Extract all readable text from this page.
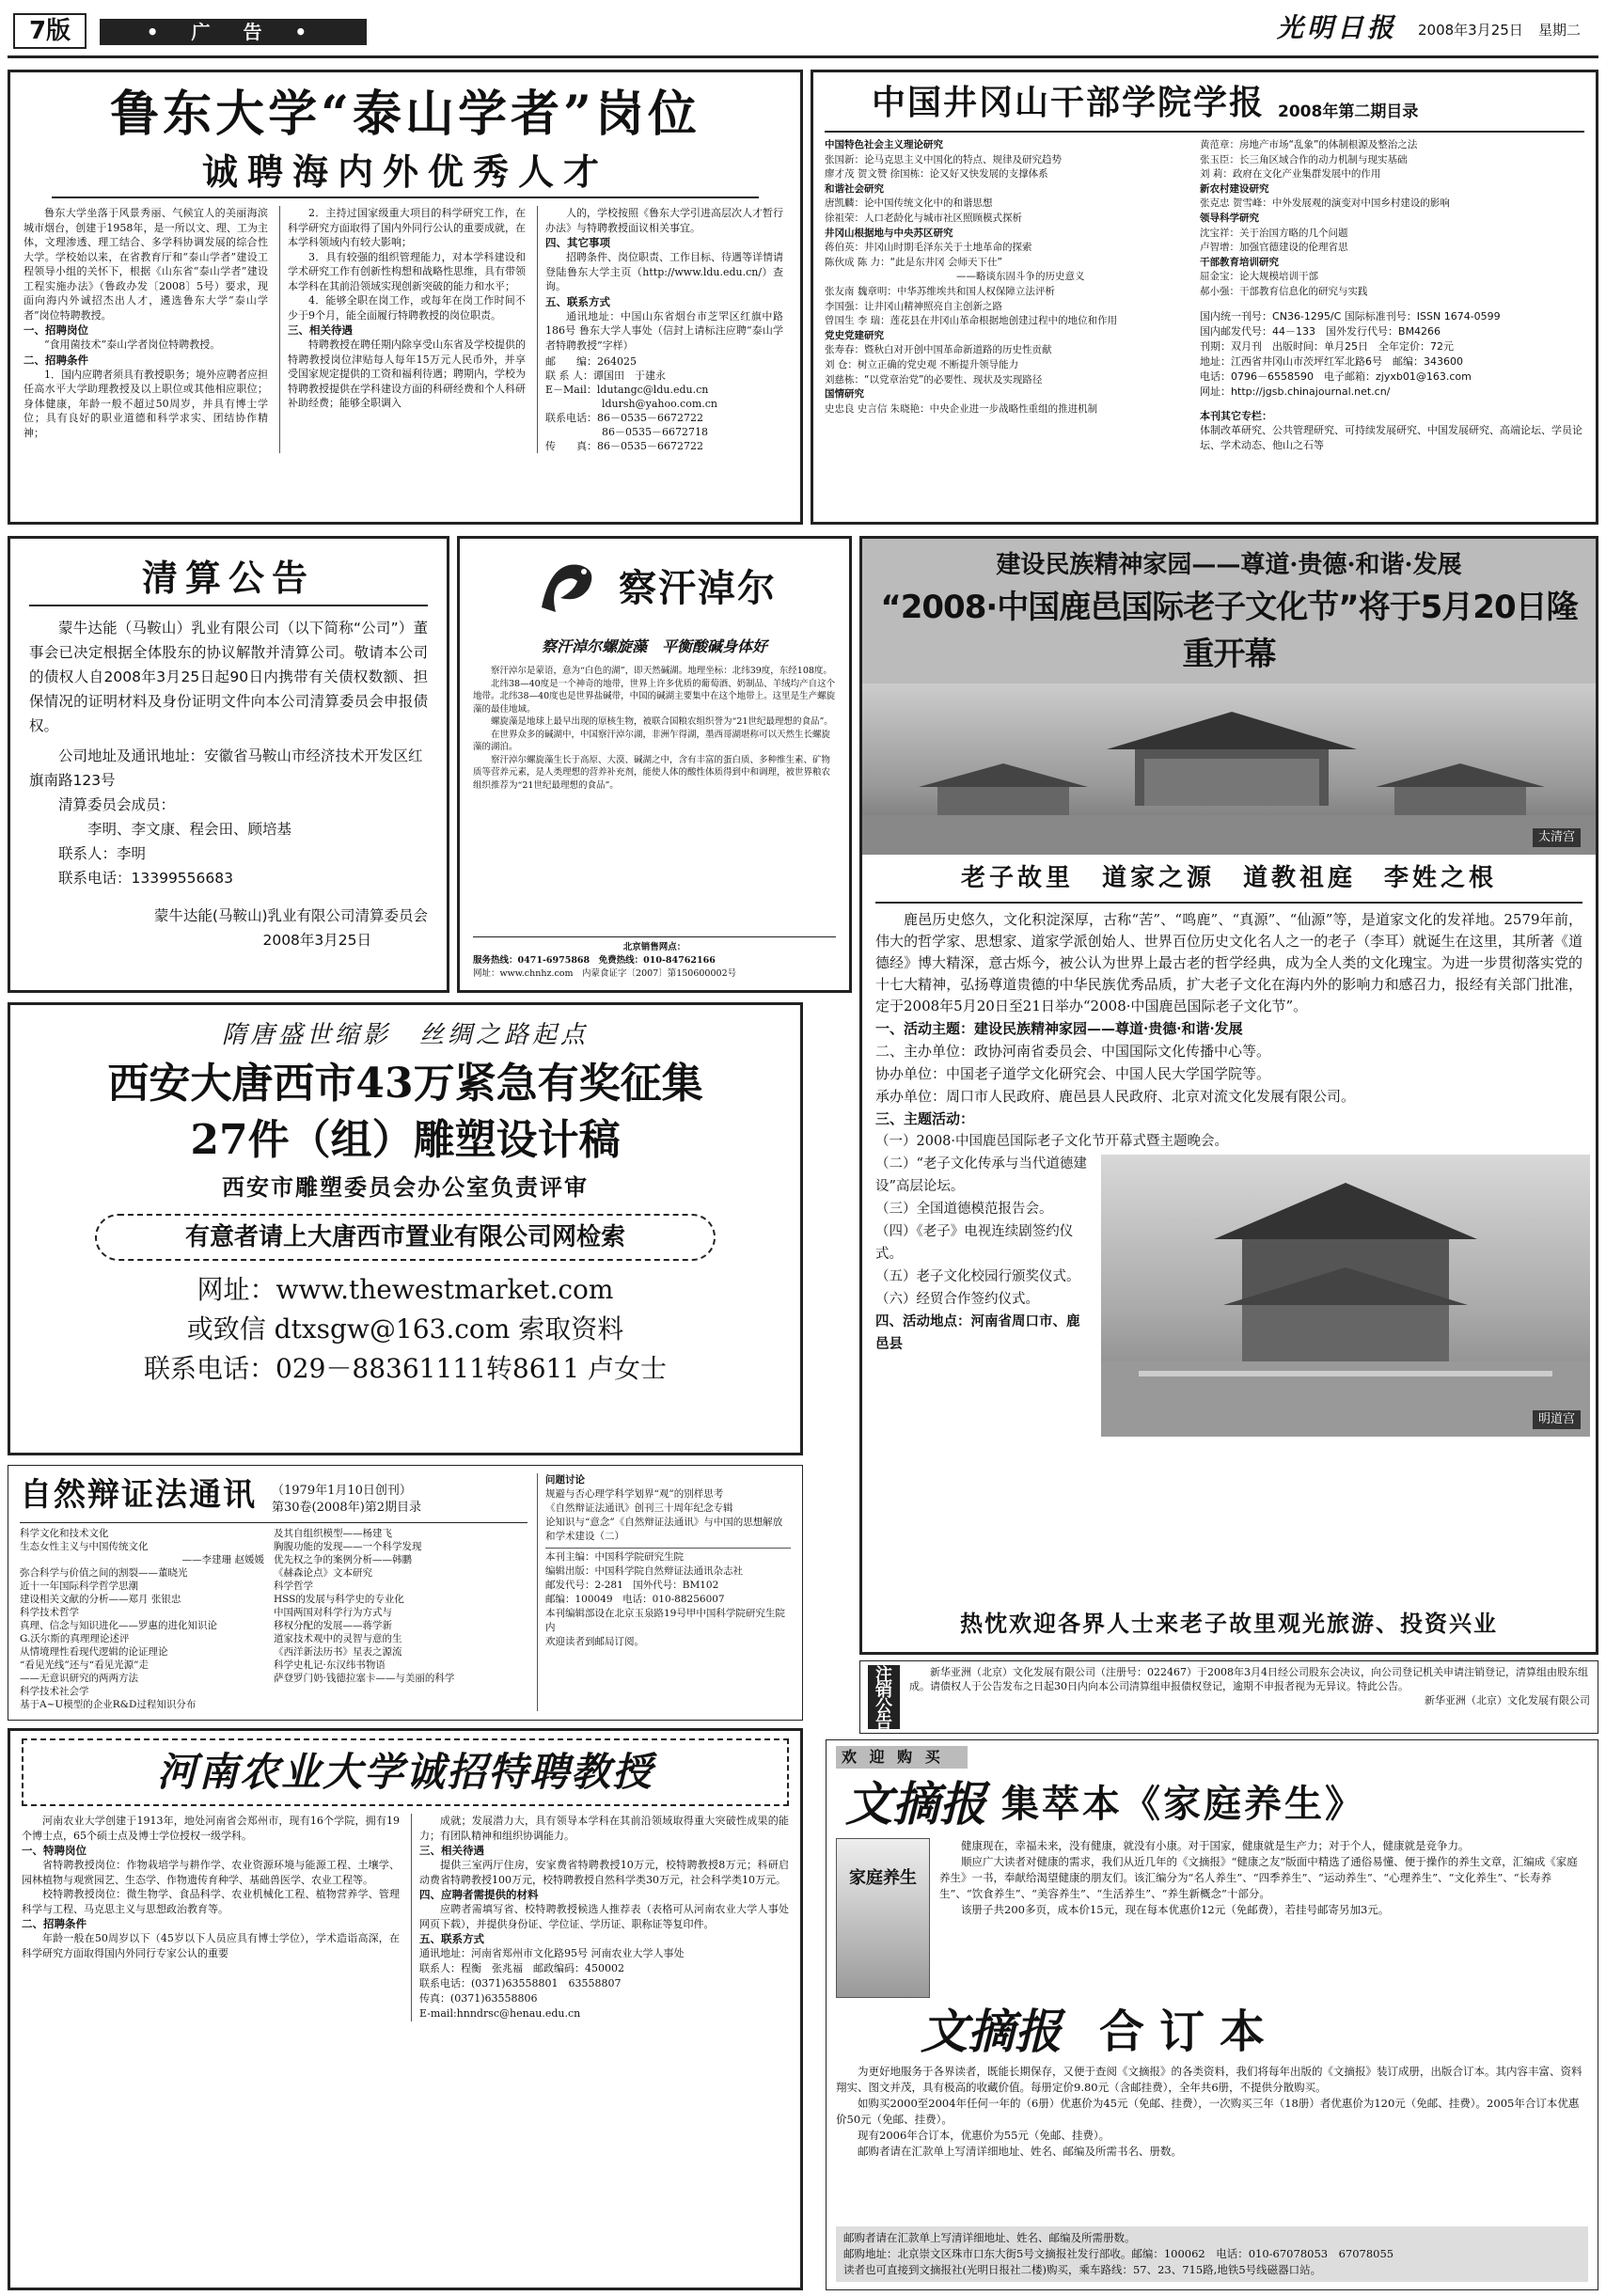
7版	• 广 告 •	光明日报 2008年3月25日 星期二
鲁东大学“泰山学者”岗位
诚聘海内外优秀人才

鲁东大学坐落于风景秀丽、气候宜人的美丽海滨城市烟台，创建于1958年，是一所以文、理、工为主体，文理渗透、理工结合、多学科协调发展的综合性大学。学校始以来，在省教育厅和“泰山学者”建设工程领导小组的关怀下，根据《山东省“泰山学者”建设工程实施办法》（鲁政办发〔2008〕5号）要求，现面向海内外诚招杰出人才，遴选鲁东大学“泰山学者”岗位特聘教授。

一、招聘岗位

“食用菌技术”泰山学者岗位特聘教授。

二、招聘条件

1．国内应聘者须具有教授职务；境外应聘者应担任高水平大学助理教授及以上职位或其他相应职位；身体健康，年龄一般不超过50周岁，并具有博士学位；具有良好的职业道德和科学求实、团结协作精神；

2．主持过国家级重大项目的科学研究工作，在科学研究方面取得了国内外同行公认的重要成就，在本学科领域内有较大影响；

3．具有较强的组织管理能力，对本学科建设和学术研究工作有创新性构想和战略性思维，具有带领本学科在其前沿领域实现创新突破的能力和水平；

4．能够全职在岗工作，或每年在岗工作时间不少于9个月，能全面履行特聘教授的岗位职责。

三、相关待遇

特聘教授在聘任期内除享受山东省及学校提供的特聘教授岗位津贴每人每年15万元人民币外，并享受国家规定提供的工资和福利待遇；聘期内，学校为特聘教授提供在学科建设方面的科研经费和个人科研补助经费；能够全职调入

人的，学校按照《鲁东大学引进高层次人才暂行办法》与特聘教授面议相关事宜。

四、其它事项

招聘条件、岗位职责、工作目标、待遇等详情请登陆鲁东大学主页（http://www.ldu.edu.cn/）查询。

五、联系方式

通讯地址：中国山东省烟台市芝罘区红旗中路186号 鲁东大学人事处（信封上请标注应聘“泰山学者特聘教授”字样）

邮　　编：264025
联 系 人：谭国田　于建永
E－Mail：ldutangc@ldu.edu.cn
ldursh@yahoo.com.cn
联系电话：86－0535－6672722
86－0535－6672718
传　　真：86－0535－6672722
中国井冈山干部学院学报 2008年第二期目录
中国特色社会主义理论研究
张国新：论马克思主义中国化的特点、规律及研究趋势
廖才茂 贺文赞 徐国栋：论又好又快发展的支撑体系
和谐社会研究
唐凯麟：论中国传统文化中的和谐思想
徐祖荣：人口老龄化与城市社区照顾模式探析
井冈山根据地与中央苏区研究
蒋伯英：井冈山时期毛泽东关于土地革命的探索
陈伙成 陈 力：“此是东井冈 会师天下仕”
——略谈东固斗争的历史意义
张友南 魏章明：中华苏维埃共和国人权保障立法评析
李国强：让井冈山精神照亮自主创新之路
曾国生 李 瑞：莲花县在井冈山革命根据地创建过程中的地位和作用
党史党建研究
张寿春：暨秋白对开创中国革命新道路的历史性贡献
刘 仓：树立正确的党史观 不断提升领导能力
刘慈栋：“以党章治党”的必要性、现状及实现路径
国情研究
史忠良 史言信 朱晓艳：中央企业进一步战略性重组的推进机制
黄范章：房地产市场“乱象”的体制根源及整治之法
张玉臣：长三角区域合作的动力机制与现实基础
刘 莉：政府在文化产业集群发展中的作用
新农村建设研究
张克忠 贺雪峰：中外发展观的演变对中国乡村建设的影响
领导科学研究
沈宝祥：关于治国方略的几个问题
卢智增：加强官德建设的伦理省思
干部教育培训研究
屈金宝：论大规模培训干部
郝小强：干部教育信息化的研究与实践
国内统一刊号：CN36-1295/C 国际标准刊号：ISSN 1674-0599
国内邮发代号：44－133　国外发行代号：BM4266
刊期：双月刊　出版时间：单月25日　全年定价：72元
地址：江西省井冈山市茨坪红军北路6号　邮编：343600
电话：0796－6558590　电子邮箱：zjyxb01@163.com
网址：http://jgsb.chinajournal.net.cn/
本刊其它专栏：
体制改革研究、公共管理研究、可持续发展研究、中国发展研究、高端论坛、学员论坛、学术动态、他山之石等
清算公告
蒙牛达能（马鞍山）乳业有限公司（以下简称“公司”）董事会已决定根据全体股东的协议解散并清算公司。敬请本公司的债权人自2008年3月25日起90日内携带有关债权数额、担保情况的证明材料及身份证明文件向本公司清算委员会申报债权。
公司地址及通讯地址：安徽省马鞍山市经济技术开发区红旗南路123号
清算委员会成员：
李明、李文康、程会田、顾培基
联系人：李明
联系电话：13399556683
蒙牛达能(马鞍山)乳业有限公司清算委员会
2008年3月25日
察汗淖尔
察汗淖尔螺旋藻　平衡酸碱身体好

察汗淖尔是蒙语，意为“白色的湖”，即天然碱湖。地理坐标：北纬39度，东经108度。

北纬38—40度是一个神奇的地带，世界上许多优质的葡萄酒、奶制品、羊绒均产自这个地带。北纬38—40度也是世界盐碱带，中国的碱湖主要集中在这个地带上。这里是生产螺旋藻的最佳地域。

螺旋藻是地球上最早出现的原核生物，被联合国粮农组织誉为“21世纪最理想的食品”。

在世界众多的碱湖中，中国察汗淖尔湖，非洲乍得湖，墨西哥湖堪称可以天然生长螺旋藻的湖泊。

察汗淖尔螺旋藻生长于高原、大漠、碱湖之中，含有丰富的蛋白质、多种维生素、矿物质等营养元素，是人类理想的营养补充剂，能使人体的酸性体质得到中和调理，被世界粮农组织推荐为“21世纪最理想的食品”。

北京销售网点：
服务热线：0471-6975868　免费热线：010-84762166
网址：www.chnhz.com　内蒙食证字〔2007〕第150600002号
隋唐盛世缩影　丝绸之路起点
西安大唐西市43万紧急有奖征集
27件（组）雕塑设计稿
西安市雕塑委员会办公室负责评审
有意者请上大唐西市置业有限公司网检索
网址：www.thewestmarket.com
或致信 dtxsgw@163.com 索取资料
联系电话：029－88361111转8611 卢女士
自然辩证法通讯 （1979年1月10日创刊）
第30卷(2008年)第2期目录
科学文化和技术文化
生态女性主义与中国传统文化
——李建珊 赵媛媛
弥合科学与价值之间的割裂——董晓光
近十一年国际科学哲学思潮
建设相关文献的分析——郑月 张银忠
科学技术哲学
真理、信念与知识进化——罗惠的进化知识论
G.沃尔斯的真理理论述评
从情境理性看现代逻辑的论证理论
“看见光线”还与“看见光源”走
——无意识研究的两两方法
科学技术社会学
基于A~U模型的企业R&D过程知识分布
及其自组织模型——杨建飞
胸腹功能的发现——一个科学发现
优先权之争的案例分析——韩鹏
《赫森论点》文本研究
科学哲学
HSS的发展与科学史的专业化
中国两国对科学行为方式与
移权分配的发展——蒋学新
道家技术观中的灵智与意的生
《西洋新法历书》星表之源流
科学史札记·东汉纬书物语
萨登罗门奶·钱德拉塞卡——与美丽的科学
问题讨论
规避与否心理学科学划界“观”的别样思考
《自然辩证法通讯》创刊三十周年纪念专辑
论知识与“意念”《自然辩证法通讯》与中国的思想解放和学术建设（二）
本刊主编：中国科学院研究生院
编辑出版：中国科学院自然辩证法通讯杂志社
邮发代号：2-281　国外代号：BM102
邮编：100049　电话：010-88256007
本刊编辑部设在北京玉泉路19号甲中国科学院研究生院内
欢迎读者到邮局订阅。
河南农业大学诚招特聘教授

河南农业大学创建于1913年，地处河南省会郑州市，现有16个学院，拥有19个博士点，65个硕士点及博士学位授权一级学科。

一、特聘岗位

省特聘教授岗位：作物栽培学与耕作学、农业资源环境与能源工程、土壤学、园林植物与观赏园艺、生态学、作物遗传育种学、基础兽医学、农业工程等。

校特聘教授岗位：微生物学、食品科学、农业机械化工程、植物营养学、管理科学与工程、马克思主义与思想政治教育等。

二、招聘条件

年龄一般在50周岁以下（45岁以下人员应具有博士学位），学术造诣高深，在科学研究方面取得国内外同行专家公认的重要

成就；发展潜力大，具有领导本学科在其前沿领域取得重大突破性成果的能力；有团队精神和组织协调能力。

三、相关待遇

提供三室两厅住房，安家费省特聘教授10万元，校特聘教授8万元；科研启动费省特聘教授100万元，校特聘教授自然科学类30万元，社会科学类10万元。

四、应聘者需提供的材料

应聘者需填写省、校特聘教授候选人推荐表（表格可从河南农业大学人事处网页下载），并提供身份证、学位证、学历证、职称证等复印件。

五、联系方式
通讯地址：河南省郑州市文化路95号 河南农业大学人事处
联系人：程衡　张兆福　邮政编码：450002
联系电话：(0371)63558801　63558807
传真：(0371)63558806
E-mail:hnndrsc@henau.edu.cn
建设民族精神家园——尊道·贵德·和谐·发展
“2008·中国鹿邑国际老子文化节”将于5月20日隆重开幕
太清宫
老子故里　道家之源　道教祖庭　李姓之根
鹿邑历史悠久，文化积淀深厚，古称“苦”、“鸣鹿”、“真源”、“仙源”等，是道家文化的发祥地。2579年前，伟大的哲学家、思想家、道家学派创始人、世界百位历史文化名人之一的老子（李耳）就诞生在这里，其所著《道德经》博大精深，意古烁今，被公认为世界上最古老的哲学经典，成为全人类的文化瑰宝。为进一步贯彻落实党的十七大精神，弘扬尊道贵德的中华民族优秀品质，扩大老子文化在海内外的影响力和感召力，报经有关部门批准，定于2008年5月20日至21日举办“2008·中国鹿邑国际老子文化节”。
一、活动主题：建设民族精神家园——尊道·贵德·和谐·发展
二、主办单位：政协河南省委员会、中国国际文化传播中心等。
协办单位：中国老子道学文化研究会、中国人民大学国学院等。
承办单位：周口市人民政府、鹿邑县人民政府、北京对流文化发展有限公司。
三、主题活动：
（一）2008·中国鹿邑国际老子文化节开幕式暨主题晚会。
（二）“老子文化传承与当代道德建设”高层论坛。
（三）全国道德模范报告会。
（四）《老子》电视连续剧签约仪式。
（五）老子文化校园行颁奖仪式。
（六）经贸合作签约仪式。
四、活动地点：河南省周口市、鹿邑县
明道宫
热忱欢迎各界人士来老子故里观光旅游、投资兴业
注销公告
新华亚洲（北京）文化发展有限公司（注册号：022467）于2008年3月4日经公司股东会决议，向公司登记机关申请注销登记，清算组由股东组成。请债权人于公告发布之日起30日内向本公司清算组申报债权登记，逾期不申报者视为无异议。特此公告。
新华亚洲（北京）文化发展有限公司
欢 迎 购 买
文摘报 集萃本《家庭养生》
家庭养生
健康现在，幸福未来，没有健康，就没有小康。对于国家，健康就是生产力；对于个人，健康就是竞争力。
顺应广大读者对健康的需求，我们从近几年的《文摘报》“健康之友”版面中精选了通俗易懂、便于操作的养生文章，汇编成《家庭养生》一书，奉献给渴望健康的朋友们。该汇编分为“名人养生”、“四季养生”、“运动养生”、“心理养生”、“文化养生”、“长寿养生”、“饮食养生”、“美容养生”、“生活养生”、“养生新概念”十部分。
该册子共200多页，成本价15元，现在每本优惠价12元（免邮费），若挂号邮寄另加3元。
文摘报 合订本
为更好地服务于各界读者，既能长期保存，又便于查阅《文摘报》的各类资料，我们将每年出版的《文摘报》装订成册，出版合订本。其内容丰富、资料翔实、图文并茂，具有极高的收藏价值。每册定价9.80元（含邮挂费），全年共6册，不提供分散购买。
如购买2000至2004年任何一年的（6册）优惠价为45元（免邮、挂费），一次购买三年（18册）者优惠价为120元（免邮、挂费）。2005年合订本优惠价50元（免邮、挂费）。
现有2006年合订本，优惠价为55元（免邮、挂费）。
邮购者请在汇款单上写清详细地址、姓名、邮编及所需书名、册数。
邮购者请在汇款单上写清详细地址、姓名、邮编及所需册数。
邮购地址：北京崇文区珠市口东大街5号文摘报社发行部收。邮编：100062　电话：010-67078053　67078055
读者也可直接到文摘报社(光明日报社二楼)购买，乘车路线：57、23、715路,地铁5号线磁器口站。
